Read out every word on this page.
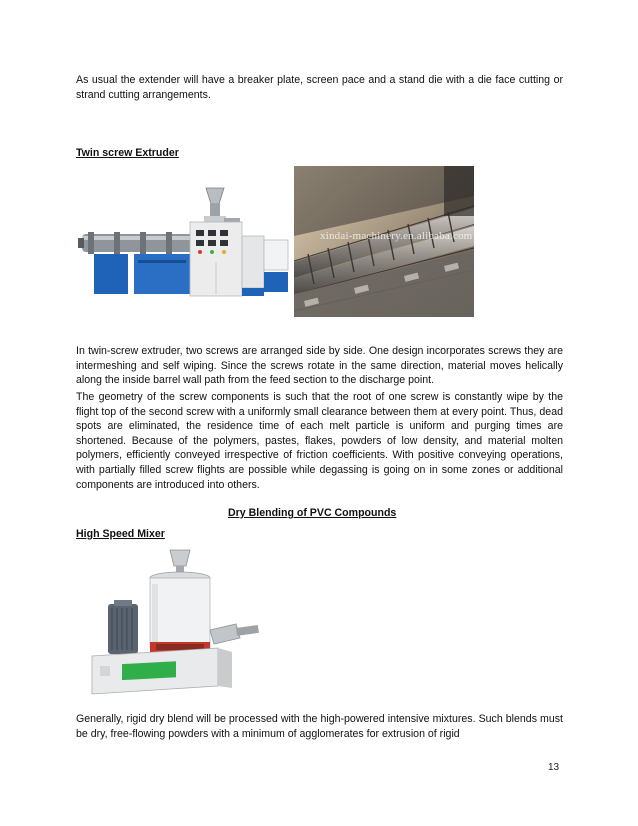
As usual the extender will have a breaker plate, screen pace and a stand die with a die face cutting or strand cutting arrangements.

Twin screw Extruder

xindai-machinery.en.alibaba.com

In twin-screw extruder, two screws are arranged side by side. One design incorporates screws they are intermeshing and self wiping. Since the screws rotate in the same direction, material moves helically along the inside barrel wall path from the feed section to the discharge point.

The geometry of the screw components is such that the root of one screw is constantly wipe by the flight top of the second screw with a uniformly small clearance between them at every point. Thus, dead spots are eliminated, the residence time of each melt particle is uniform and purging times are shortened. Because of the polymers, pastes, flakes, powders of low density, and material molten polymers, efficiently conveyed irrespective of friction coefficients. With positive conveying operations, with partially filled screw flights are possible while degassing is going on in some zones or additional components are introduced into others.

Dry Blending of PVC Compounds

High Speed Mixer

Generally, rigid dry blend will be processed with the high-powered intensive mixtures. Such blends must be dry, free-flowing powders with a minimum of agglomerates for extrusion of rigid

13
